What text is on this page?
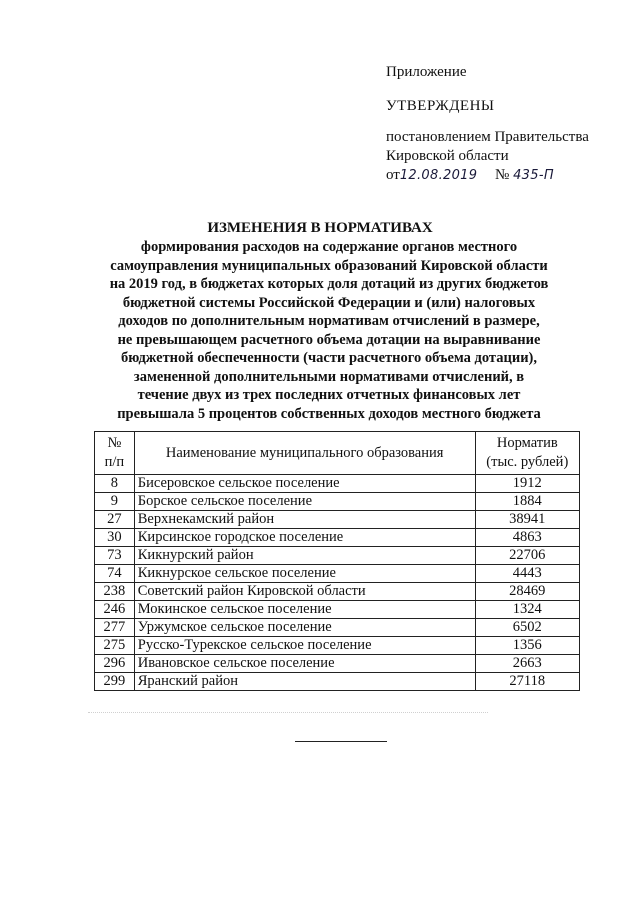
Приложение
УТВЕРЖДЕНЫ
постановлением Правительства
Кировской области
от12.08.2019 № 435-П
ИЗМЕНЕНИЯ В НОРМАТИВАХ
формирования расходов на содержание органов местного
самоуправления муниципальных образований Кировской области
на 2019 год, в бюджетах которых доля дотаций из других бюджетов
бюджетной системы Российской Федерации и (или) налоговых
доходов по дополнительным нормативам отчислений в размере,
не превышающем расчетного объема дотации на выравнивание
бюджетной обеспеченности (части расчетного объема дотации),
замененной дополнительными нормативами отчислений, в
течение двух из трех последних отчетных финансовых лет
превышала 5 процентов собственных доходов местного бюджета
№
п/п	Наименование муниципального образования	Норматив
(тыс. рублей)
8	Бисеровское сельское поселение	1912
9	Борское сельское поселение	1884
27	Верхнекамский район	38941
30	Кирсинское городское поселение	4863
73	Кикнурский район	22706
74	Кикнурское сельское поселение	4443
238	Советский район Кировской области	28469
246	Мокинское сельское поселение	1324
277	Уржумское сельское поселение	6502
275	Русско-Турекское сельское поселение	1356
296	Ивановское сельское поселение	2663
299	Яранский район	27118
